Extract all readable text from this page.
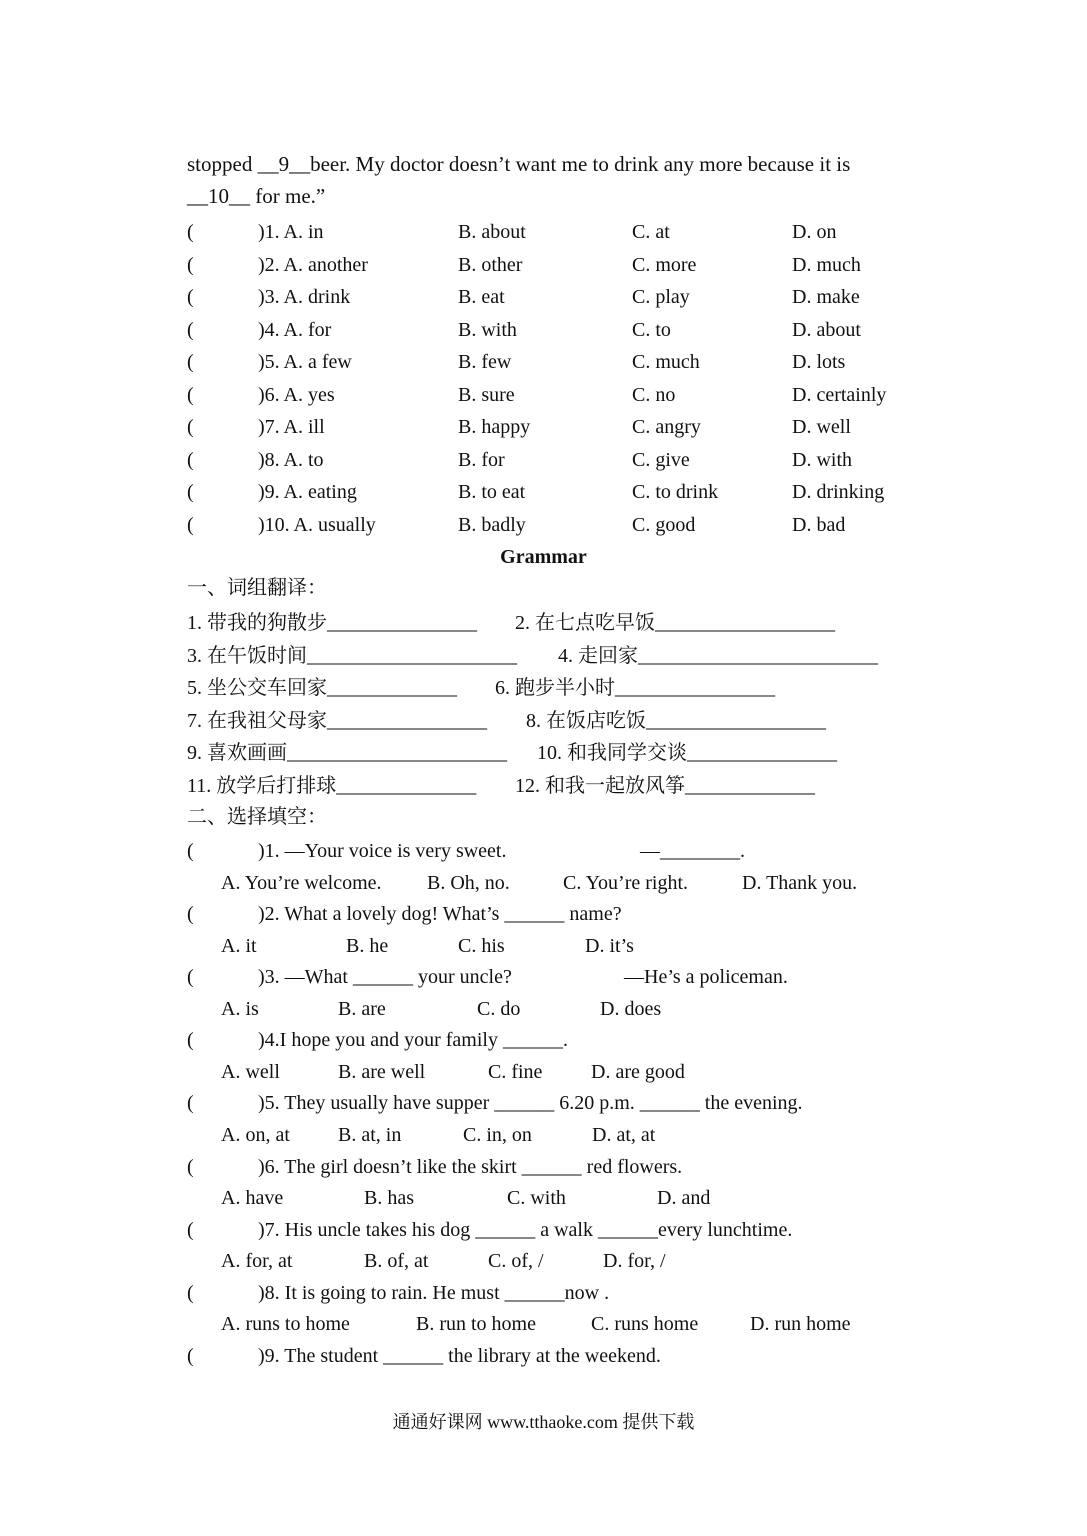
stopped __9__beer. My doctor doesn’t want me to drink any more because it is
__10__ for me.”
(	)1. A. in	B. about	C. at	D. on
(	)2. A. another	B. other	C. more	D. much
(	)3. A. drink	B. eat	C. play	D. make
(	)4. A. for	B. with	C. to	D. about
(	)5. A. a few	B. few	C. much	D. lots
(	)6. A. yes	B. sure	C. no	D. certainly
(	)7. A. ill	B. happy	C. angry	D. well
(	)8. A. to	B. for	C. give	D. with
(	)9. A. eating	B. to eat	C. to drink	D. drinking
(	)10. A. usually	B. badly	C. good	D. bad
Grammar
一、词组翻译：
1. 带我的狗散步_______________ 2. 在七点吃早饭__________________
3. 在午饭时间_____________________ 4. 走回家________________________
5. 坐公交车回家_____________ 6. 跑步半小时________________
7. 在我祖父母家________________ 8. 在饭店吃饭__________________
9. 喜欢画画______________________ 10. 和我同学交谈_______________
11. 放学后打排球______________ 12. 和我一起放风筝_____________
二、选择填空：
(	)1. —Your voice is very sweet.	—________.
A. You’re welcome. B. Oh, no.	C. You’re right.	D. Thank you.
(	)2. What a lovely dog! What’s ______ name?
A. it	B. he	C. his	D. it’s
(	)3. —What ______ your uncle?	—He’s a policeman.
A. is	B. are	C. do	D. does
(	)4.I hope you and your family ______.
A. well	B. are well	C. fine D. are good
(	)5. They usually have supper ______ 6.20 p.m. ______ the evening.
A. on, at B. at, in	C. in, on	D. at, at
(	)6. The girl doesn’t like the skirt ______ red flowers.
A. have	B. has	C. with	D. and
(	)7. His uncle takes his dog ______ a walk ______every lunchtime.
A. for, at	B. of, at	C. of, /	D. for, /
(	)8. It is going to rain. He must ______now .
A. runs to home	B. run to home	C. runs home	D. run home
(	)9. The student ______ the library at the weekend.
通通好课网 www.tthaoke.com 提供下载
